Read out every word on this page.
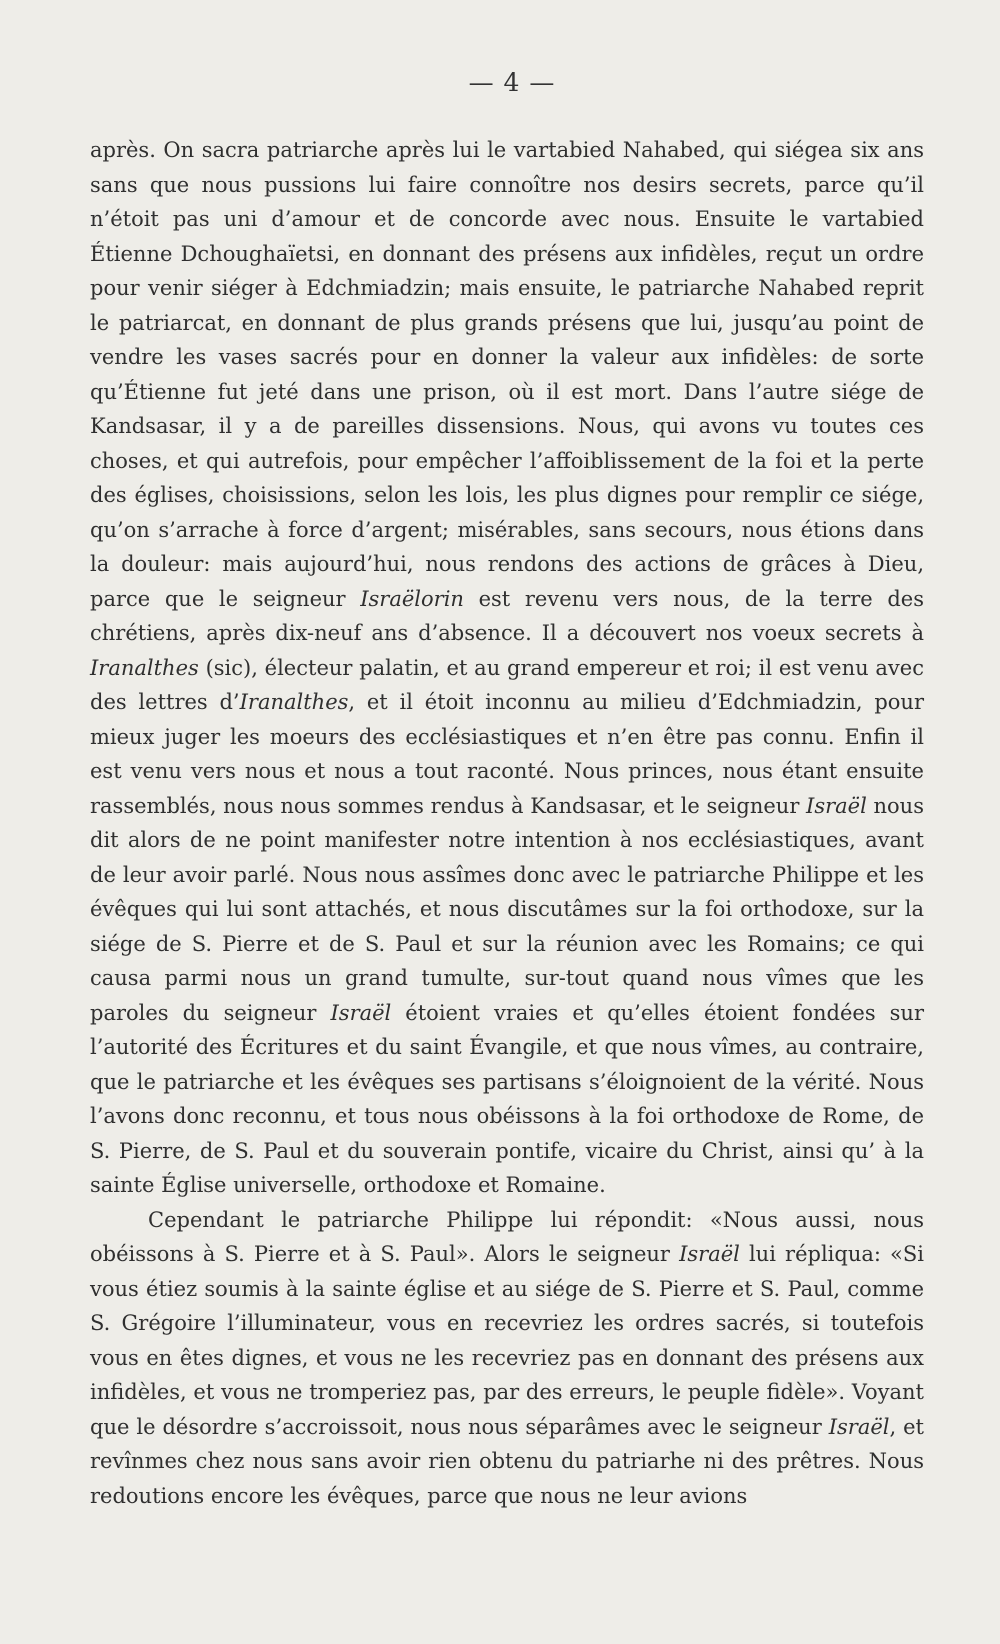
— 4 —

après. On sacra patriarche après lui le vartabied Nahabed, qui siégea six ans sans que nous pussions lui faire connoître nos desirs secrets, parce qu’il n’étoit pas uni d’amour et de concorde avec nous. Ensuite le vartabied Étienne Dchoughaïetsi, en donnant des présens aux infidèles, reçut un ordre pour venir siéger à Edchmiadzin; mais ensuite, le patriarche Nahabed reprit le patriarcat, en donnant de plus grands présens que lui, jusqu’au point de vendre les vases sacrés pour en donner la valeur aux infidèles: de sorte qu’Étienne fut jeté dans une prison, où il est mort. Dans l’autre siége de Kandsasar, il y a de pareilles dissensions. Nous, qui avons vu toutes ces choses, et qui autrefois, pour empêcher l’affoiblissement de la foi et la perte des églises, choisissions, selon les lois, les plus dignes pour remplir ce siége, qu’on s’arrache à force d’argent; misérables, sans secours, nous étions dans la douleur: mais aujourd’hui, nous rendons des actions de grâces à Dieu, parce que le seigneur Israëlorin est revenu vers nous, de la terre des chrétiens, après dix-neuf ans d’absence. Il a découvert nos voeux secrets à Iranalthes (sic), électeur palatin, et au grand empereur et roi; il est venu avec des lettres d’Iranalthes, et il étoit inconnu au milieu d’Edchmiadzin, pour mieux juger les moeurs des ecclésiastiques et n’en être pas connu. Enfin il est venu vers nous et nous a tout raconté. Nous princes, nous étant ensuite rassemblés, nous nous sommes rendus à Kandsasar, et le seigneur Israël nous dit alors de ne point manifester notre intention à nos ecclésiastiques, avant de leur avoir parlé. Nous nous assîmes donc avec le patriarche Philippe et les évêques qui lui sont attachés, et nous discutâmes sur la foi orthodoxe, sur la siége de S. Pierre et de S. Paul et sur la réunion avec les Romains; ce qui causa parmi nous un grand tumulte, sur-tout quand nous vîmes que les paroles du seigneur Israël étoient vraies et qu’elles étoient fondées sur l’autorité des Écritures et du saint Évangile, et que nous vîmes, au contraire, que le patriarche et les évêques ses partisans s’éloignoient de la vérité. Nous l’avons donc reconnu, et tous nous obéissons à la foi orthodoxe de Rome, de S. Pierre, de S. Paul et du souverain pontife, vicaire du Christ, ainsi qu’ à la sainte Église universelle, orthodoxe et Romaine.

Cependant le patriarche Philippe lui répondit: «Nous aussi, nous obéissons à S. Pierre et à S. Paul». Alors le seigneur Israël lui répliqua: «Si vous étiez soumis à la sainte église et au siége de S. Pierre et S. Paul, comme S. Grégoire l’illuminateur, vous en recevriez les ordres sacrés, si toutefois vous en êtes dignes, et vous ne les recevriez pas en donnant des présens aux infidèles, et vous ne tromperiez pas, par des erreurs, le peuple fidèle». Voyant que le désordre s’accroissoit, nous nous séparâmes avec le seigneur Israël, et revînmes chez nous sans avoir rien obtenu du patriarhe ni des prêtres. Nous redoutions encore les évêques, parce que nous ne leur avions
